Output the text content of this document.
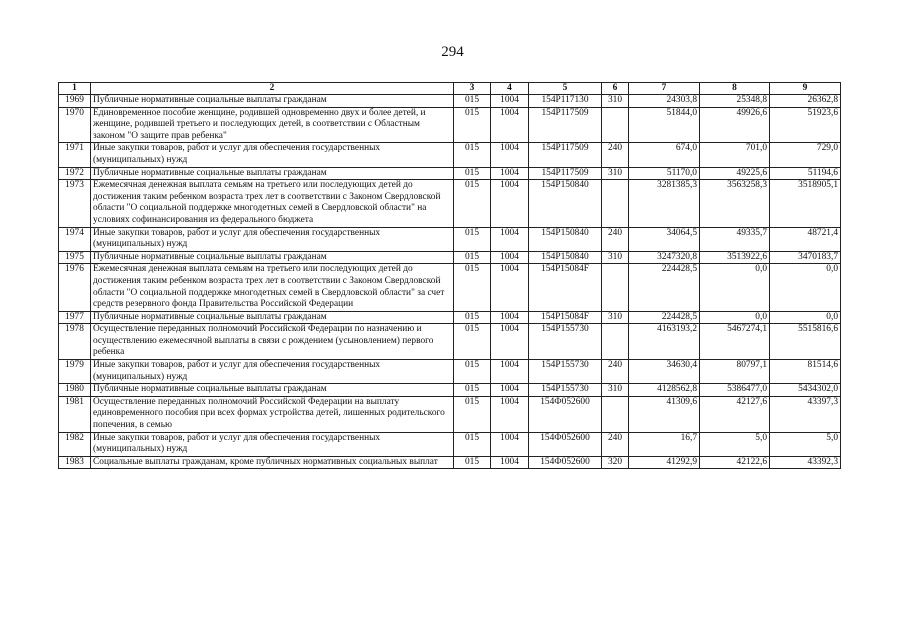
294
1	2	3	4	5	6	7	8	9
1969	Публичные нормативные социальные выплаты гражданам	015	1004	154P117130	310	24303,8	25348,8	26362,8
1970	Единовременное пособие женщине, родившей одновременно двух и более детей, и женщине, родившей третьего и последующих детей, в соответствии с Областным законом "О защите прав ребенка"	015	1004	154P117509		51844,0	49926,6	51923,6
1971	Иные закупки товаров, работ и услуг для обеспечения государственных (муниципальных) нужд	015	1004	154P117509	240	674,0	701,0	729,0
1972	Публичные нормативные социальные выплаты гражданам	015	1004	154P117509	310	51170,0	49225,6	51194,6
1973	Ежемесячная денежная выплата семьям на третьего или последующих детей до достижения таким ребенком возраста трех лет в соответствии с Законом Свердловской области "О социальной поддержке многодетных семей в Свердловской области" на условиях софинансирования из федерального бюджета	015	1004	154P150840		3281385,3	3563258,3	3518905,1
1974	Иные закупки товаров, работ и услуг для обеспечения государственных (муниципальных) нужд	015	1004	154P150840	240	34064,5	49335,7	48721,4
1975	Публичные нормативные социальные выплаты гражданам	015	1004	154P150840	310	3247320,8	3513922,6	3470183,7
1976	Ежемесячная денежная выплата семьям на третьего или последующих детей до достижения таким ребенком возраста трех лет в соответствии с Законом Свердловской области "О социальной поддержке многодетных семей в Свердловской области" за счет средств резервного фонда Правительства Российской Федерации	015	1004	154P15084F		224428,5	0,0	0,0
1977	Публичные нормативные социальные выплаты гражданам	015	1004	154P15084F	310	224428,5	0,0	0,0
1978	Осуществление переданных полномочий Российской Федерации по назначению и осуществлению ежемесячной выплаты в связи с рождением (усыновлением) первого ребенка	015	1004	154P155730		4163193,2	5467274,1	5515816,6
1979	Иные закупки товаров, работ и услуг для обеспечения государственных (муниципальных) нужд	015	1004	154P155730	240	34630,4	80797,1	81514,6
1980	Публичные нормативные социальные выплаты гражданам	015	1004	154P155730	310	4128562,8	5386477,0	5434302,0
1981	Осуществление переданных полномочий Российской Федерации на выплату единовременного пособия при всех формах устройства детей, лишенных родительского попечения, в семью	015	1004	154Ф052600		41309,6	42127,6	43397,3
1982	Иные закупки товаров, работ и услуг для обеспечения государственных (муниципальных) нужд	015	1004	154Ф052600	240	16,7	5,0	5,0
1983	Социальные выплаты гражданам, кроме публичных нормативных социальных выплат	015	1004	154Ф052600	320	41292,9	42122,6	43392,3
